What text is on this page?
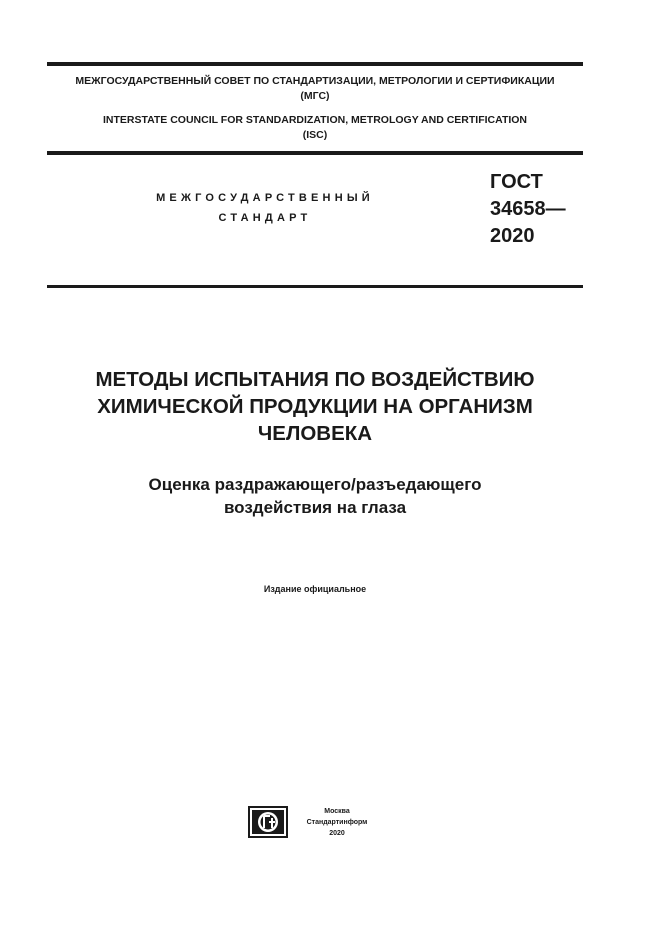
МЕЖГОСУДАРСТВЕННЫЙ СОВЕТ ПО СТАНДАРТИЗАЦИИ, МЕТРОЛОГИИ И СЕРТИФИКАЦИИ
(МГС)
INTERSTATE COUNCIL FOR STANDARDIZATION, METROLOGY AND CERTIFICATION
(ISC)
МЕЖГОСУДАРСТВЕННЫЙ
СТАНДАРТ
ГОСТ
34658—
2020
МЕТОДЫ ИСПЫТАНИЯ ПО ВОЗДЕЙСТВИЮ
ХИМИЧЕСКОЙ ПРОДУКЦИИ НА ОРГАНИЗМ
ЧЕЛОВЕКА
Оценка раздражающего/разъедающего
воздействия на глаза
Издание официальное
Москва
Стандартинформ
2020
